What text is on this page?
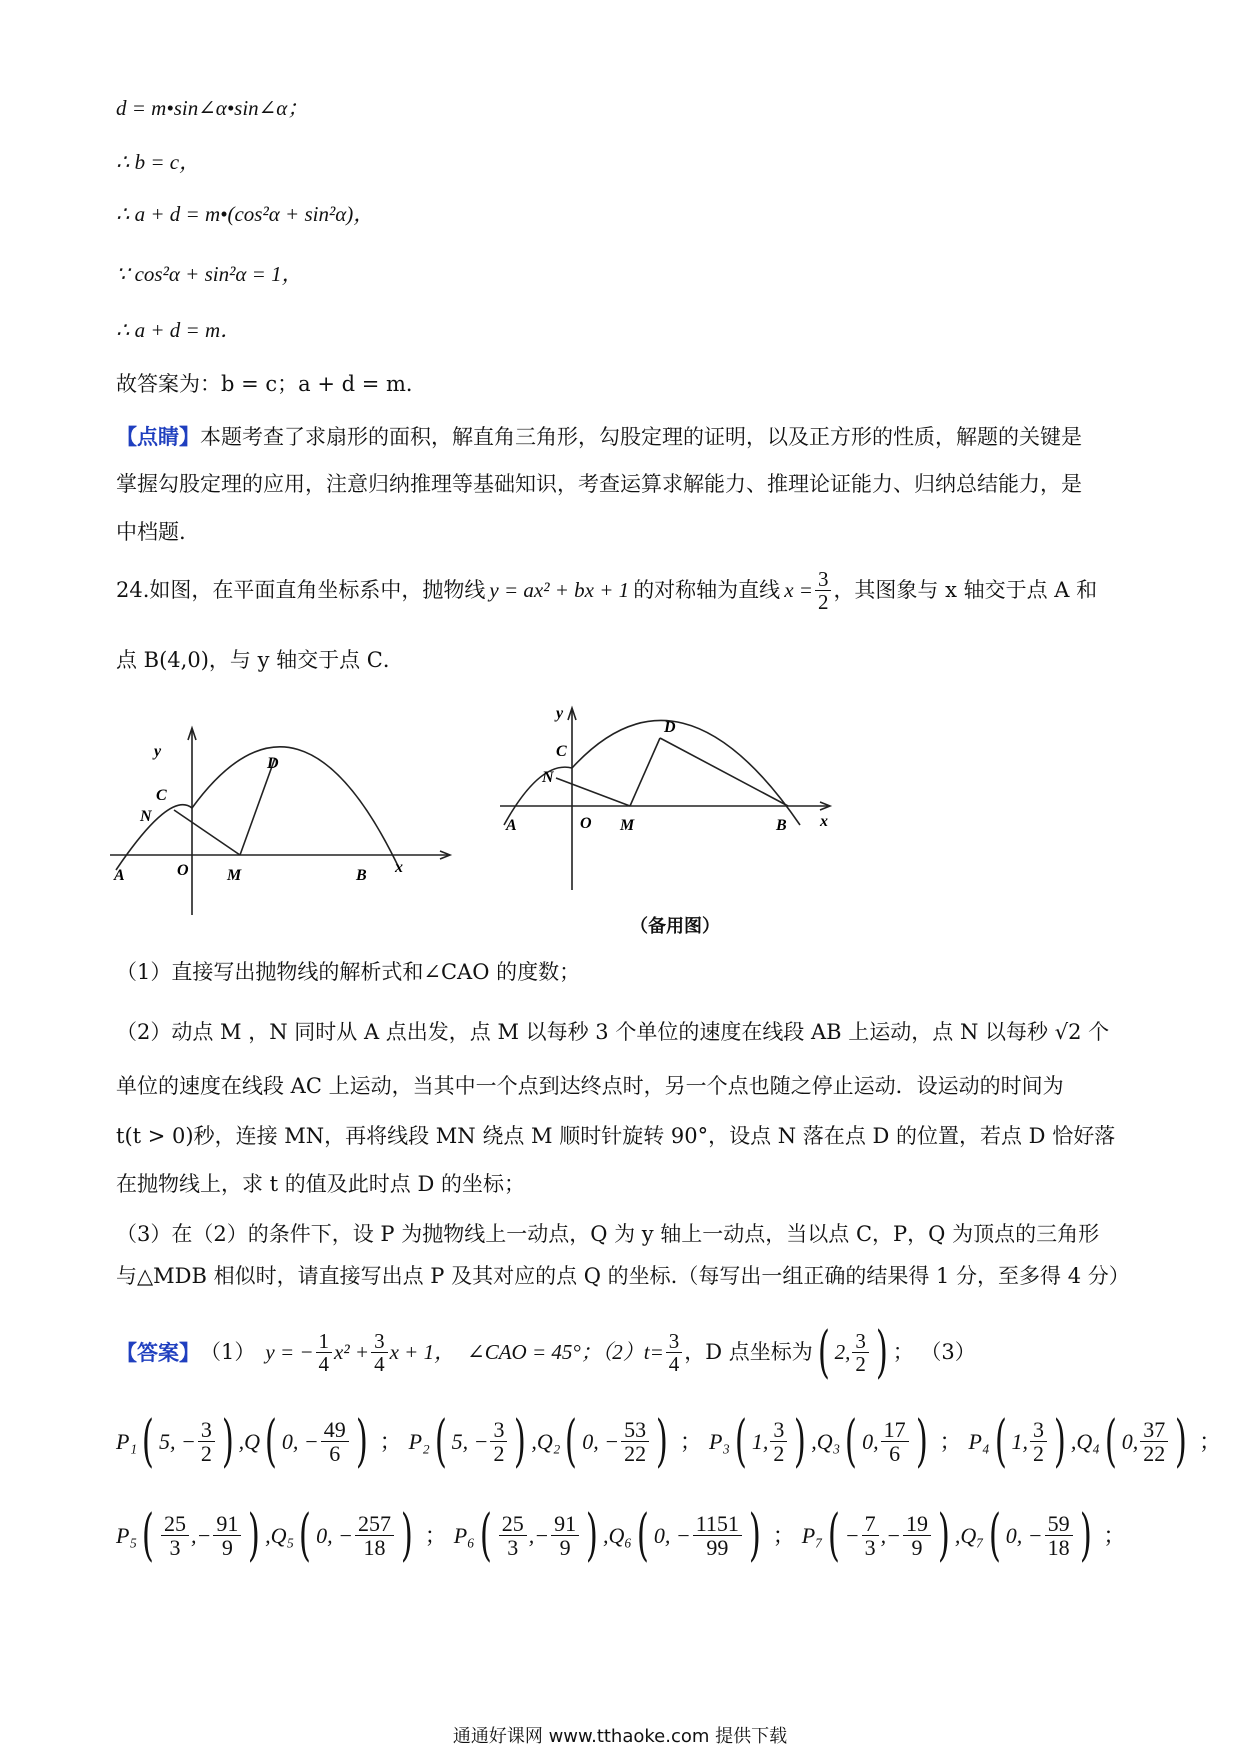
d = m•sin∠α•sin∠α；
∴ b = c，
∴ a + d = m•(cos²α + sin²α)，
∵ cos²α + sin²α = 1，
∴ a + d = m．
故答案为：b = c；a + d = m．
【点睛】本题考查了求扇形的面积，解直角三角形，勾股定理的证明，以及正方形的性质，解题的关键是
掌握勾股定理的应用，注意归纳推理等基础知识，考查运算求解能力、推理论证能力、归纳总结能力，是
中档题.
24.如图，在平面直角坐标系中，抛物线 y = ax² + bx + 1 的对称轴为直线 $x = \frac{3}{2}$ ，其图象与 x 轴交于点 A 和
点 B(4,0)，与 y 轴交于点 C．
y
x
A	O M	B
C
N
D
y
x
A	O M	B
C
N
D
（备用图）
（1）直接写出抛物线的解析式和∠CAO 的度数；
（2）动点 M ，N 同时从 A 点出发，点 M 以每秒 3 个单位的速度在线段 AB 上运动，点 N 以每秒 √2 个
单位的速度在线段 AC 上运动，当其中一个点到达终点时，另一个点也随之停止运动．设运动的时间为
t(t > 0)秒，连接 MN，再将线段 MN 绕点 M 顺时针旋转 90°，设点 N 落在点 D 的位置，若点 D 恰好落
在抛物线上，求 t 的值及此时点 D 的坐标；
（3）在（2）的条件下，设 P 为抛物线上一动点，Q 为 y 轴上一动点，当以点 C，P，Q 为顶点的三角形
与△MDB 相似时，请直接写出点 P 及其对应的点 Q 的坐标.（每写出一组正确的结果得 1 分，至多得 4 分）
【答案】 （1） y = − $\frac{1}{4} x^2 + \frac{3}{4}$ x + 1， ∠CAO = 45°；$(2)t= \frac{3}{4}$ ，D 点坐标为 ( 2, $\frac{3}{2}$ ) ； （3）
P₁ ( 5, − $\frac{3}{2}$ ) ,Q ( 0, − $\frac{49}{6}$ ) ； P₂ ( 5, − $\frac{3}{2}$ ) ,Q₂ ( 0, − $\frac{53}{22}$ ) ； P₃ ( 1, $\frac{3}{2}$ ) ,Q₃ ( 0, $\frac{17}{6}$ ) ； P₄ ( 1, $\frac{3}{2}$ ) ,Q₄ ( 0, $\frac{37}{22}$ ) ；
P₅ ( $\frac{25}{3}$ ,− $\frac{91}{9}$ ) ,Q₅ ( 0, − $\frac{257}{18}$ ) ； P₆ ( $\frac{25}{3}$ ,− $\frac{91}{9}$ ) ,Q₆ ( 0, − $\frac{1151}{99}$ ) ； P₇ ( − $\frac{7}{3}$ ,− $\frac{19}{9}$ ) ,Q₇ ( 0, − $\frac{59}{18}$ ) ；
通通好课网 www.tthaoke.com 提供下载
